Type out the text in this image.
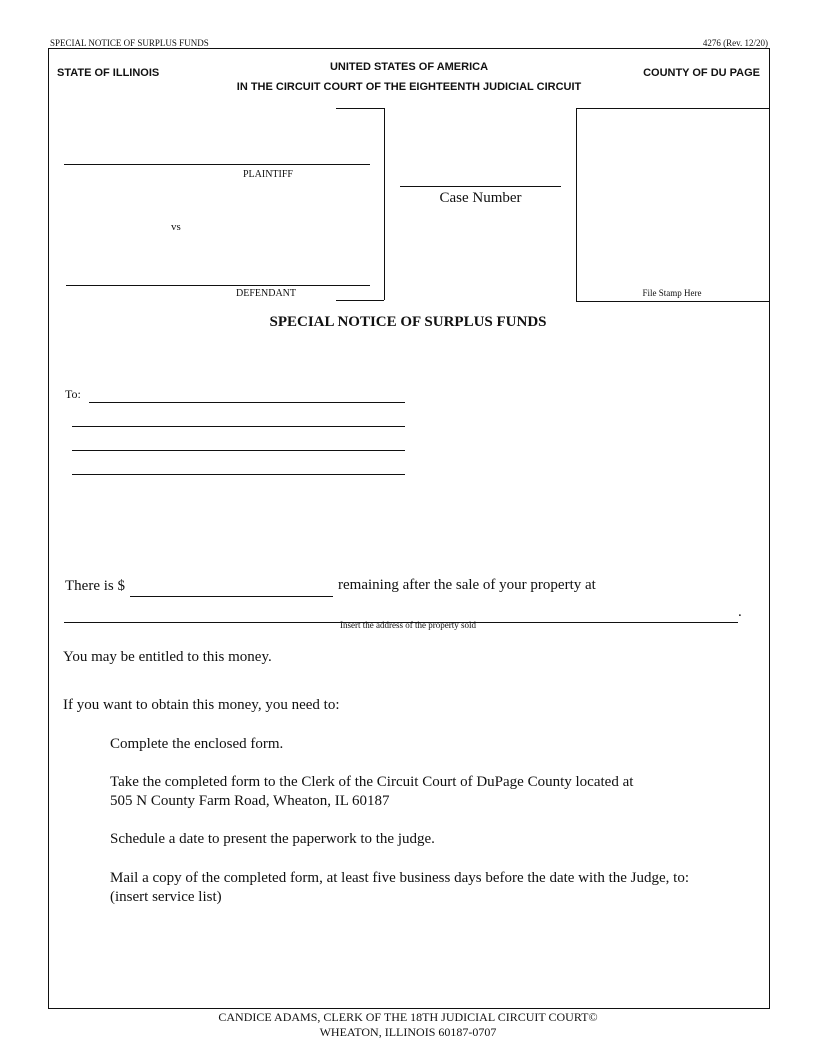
SPECIAL NOTICE OF SURPLUS FUNDS	4276 (Rev. 12/20)
STATE OF ILLINOIS	UNITED STATES OF AMERICA
IN THE CIRCUIT COURT OF THE EIGHTEENTH JUDICIAL CIRCUIT
COUNTY OF DU PAGE
PLAINTIFF
vs
DEFENDANT
Case Number
File Stamp Here
SPECIAL NOTICE OF SURPLUS FUNDS
To:
There is $	remaining after the sale of your property at
.
Insert the address of the property sold
You may be entitled to this money.
If you want to obtain this money, you need to:
Complete the enclosed form.
Take the completed form to the Clerk of the Circuit Court of DuPage County located at
505 N County Farm Road, Wheaton, IL 60187
Schedule a date to present the paperwork to the judge.
Mail a copy of the completed form, at least five business days before the date with the Judge, to:
(insert service list)
CANDICE ADAMS, CLERK OF THE 18TH JUDICIAL CIRCUIT COURT©
WHEATON, ILLINOIS 60187-0707
